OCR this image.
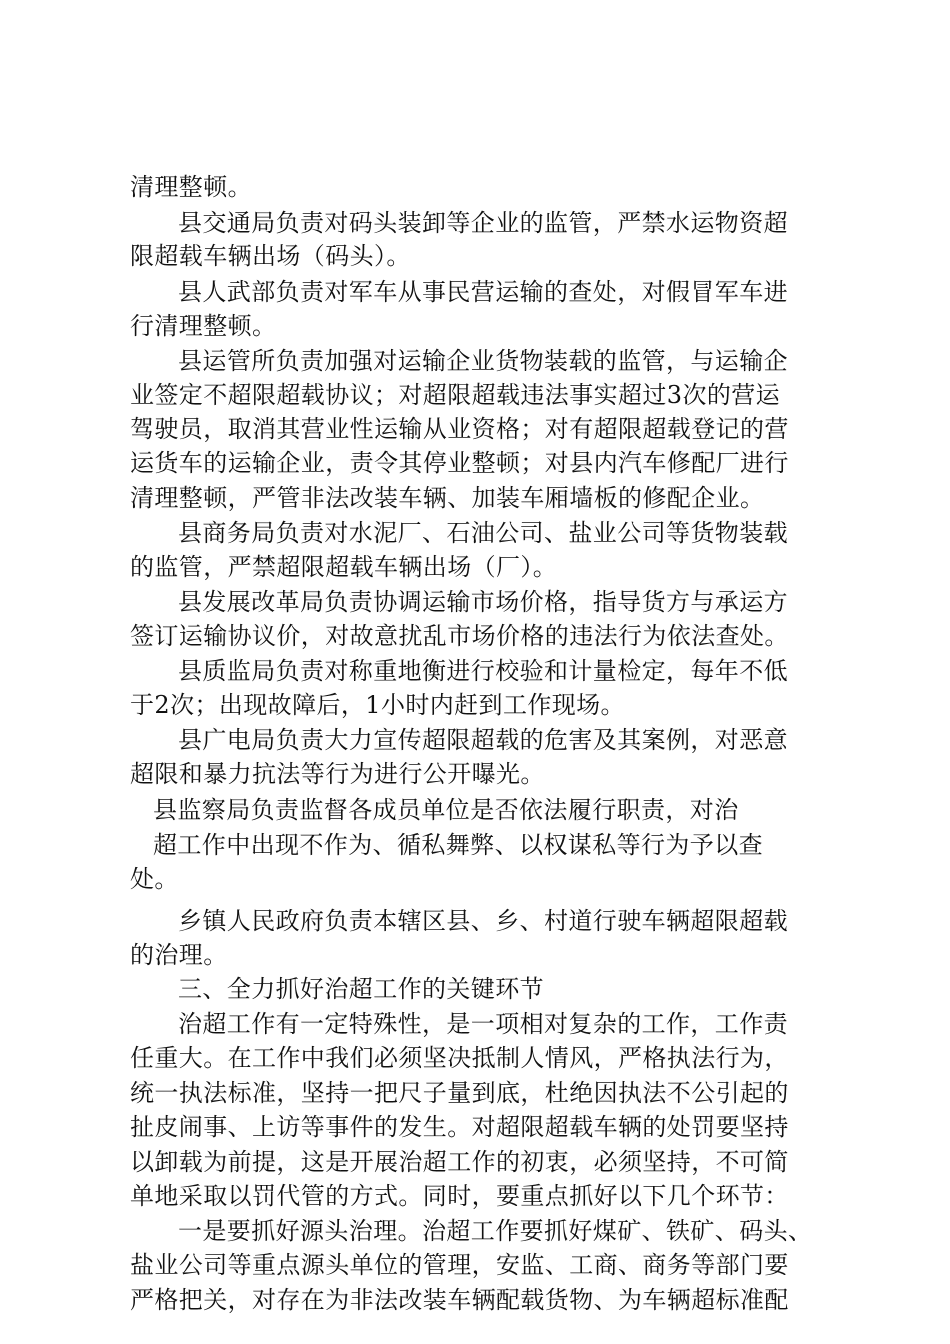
清理整顿。
县交通局负责对码头装卸等企业的监管，严禁水运物资超
限超载车辆出场（码头）。
县人武部负责对军车从事民营运输的查处，对假冒军车进
行清理整顿。
县运管所负责加强对运输企业货物装载的监管，与运输企
业签定不超限超载协议；对超限超载违法事实超过3次的营运
驾驶员，取消其营业性运输从业资格；对有超限超载登记的营
运货车的运输企业，责令其停业整顿；对县内汽车修配厂进行
清理整顿，严管非法改装车辆、加装车厢墙板的修配企业。
县商务局负责对水泥厂、石油公司、盐业公司等货物装载
的监管，严禁超限超载车辆出场（厂）。
县发展改革局负责协调运输市场价格，指导货方与承运方
签订运输协议价，对故意扰乱市场价格的违法行为依法查处。
县质监局负责对称重地衡进行校验和计量检定，每年不低
于2次；出现故障后，1小时内赶到工作现场。
县广电局负责大力宣传超限超载的危害及其案例，对恶意
超限和暴力抗法等行为进行公开曝光。
县监察局负责监督各成员单位是否依法履行职责，对治
超工作中出现不作为、循私舞弊、以权谋私等行为予以查
处。
乡镇人民政府负责本辖区县、乡、村道行驶车辆超限超载
的治理。
三、全力抓好治超工作的关键环节
治超工作有一定特殊性，是一项相对复杂的工作，工作责
任重大。在工作中我们必须坚决抵制人情风，严格执法行为，
统一执法标准，坚持一把尺子量到底，杜绝因执法不公引起的
扯皮闹事、上访等事件的发生。对超限超载车辆的处罚要坚持
以卸载为前提，这是开展治超工作的初衷，必须坚持，不可简
单地采取以罚代管的方式。同时，要重点抓好以下几个环节：
一是要抓好源头治理。治超工作要抓好煤矿、铁矿、码头、
盐业公司等重点源头单位的管理，安监、工商、商务等部门要
严格把关，对存在为非法改装车辆配载货物、为车辆超标准配
